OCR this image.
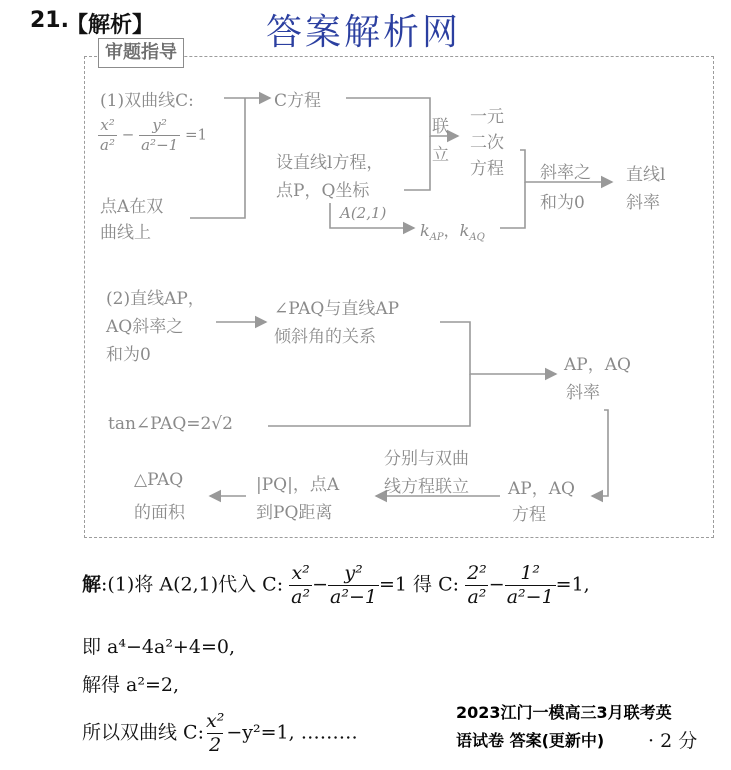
21.
【解析】	答案解析网
审题指导
(1)双曲线C:
$\frac{\text{x²}}{\text{a²}} - \frac{\text{y²}}{\text{a²−1}} =1$
点A在双
曲线上
C方程
设直线l方程，
点P，Q坐标
A(2,1)
$k_{AP}$，$k_{AQ}$
联
立
一元
二次
方程 斜率之
和为0
直线l
斜率
(2)直线AP，
AQ斜率之
和为0
∠PAQ与直线AP
倾斜角的关系
AP，AQ
斜率
tan∠PAQ=2√2
分别与双曲
线方程联立 AP，AQ
方程
|PQ|，点A
到PQ距离
△PAQ
的面积
解:(1)将 A(2,1)代入 C: $\frac{\text{x²}}{\text{a²}} - \frac{\text{y²}}{\text{a²−1}} =1$ 得 C: $\frac{\text{2²}}{\text{a²}} - \frac{\text{1²}}{\text{a²−1}} =1$,
即 a⁴−4a²+4=0,
解得 a²=2,
所以双曲线 C: $\frac{\text{x²}}{2} -y^2=1$, ………	· 2 分
2023江门一模高三3月联考英
语试卷 答案(更新中)
